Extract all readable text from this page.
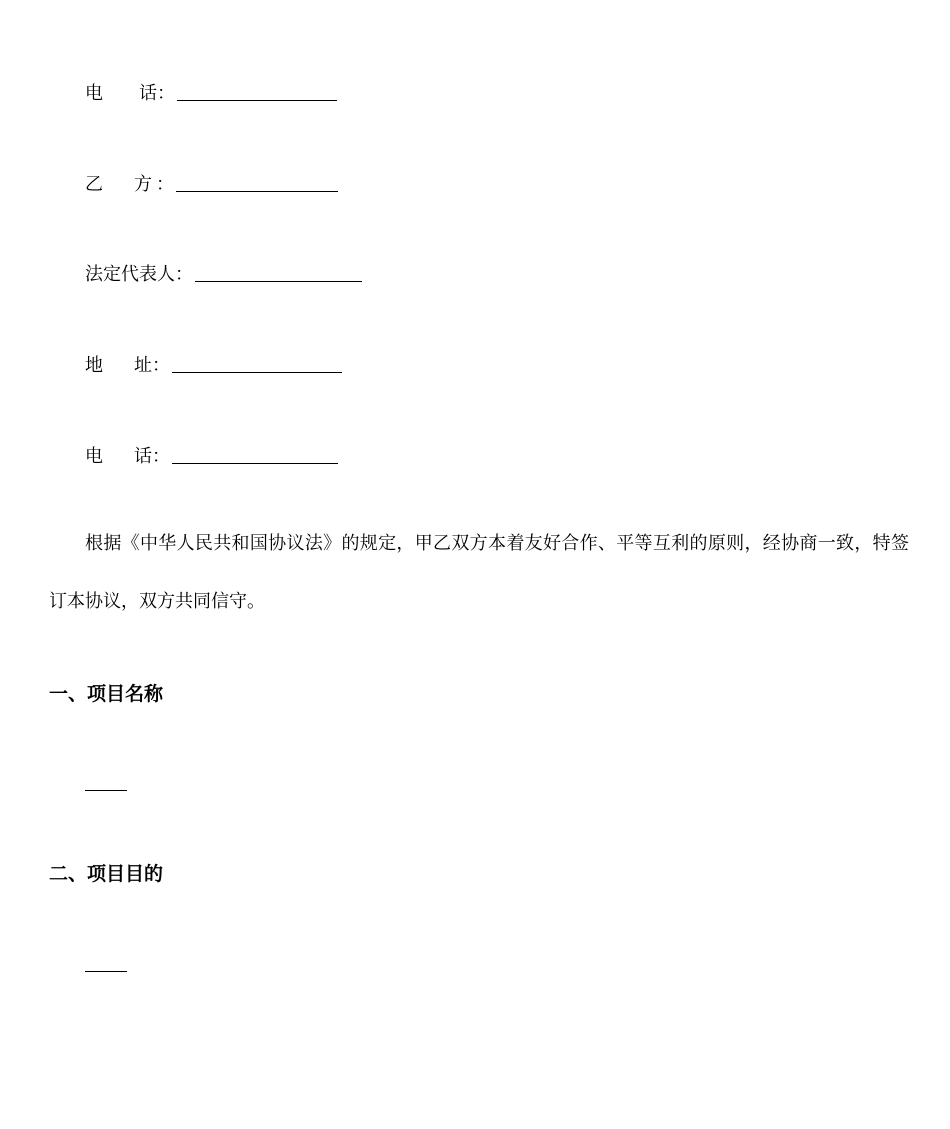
电 话：
乙 方 ：
法定代表人：
地 址：
电 话：
根据《中华人民共和国协议法》的规定，甲乙双方本着友好合作、平等互利的原则，经协商一致，特签订本协议，双方共同信守。
一、项目名称
二、项目目的
